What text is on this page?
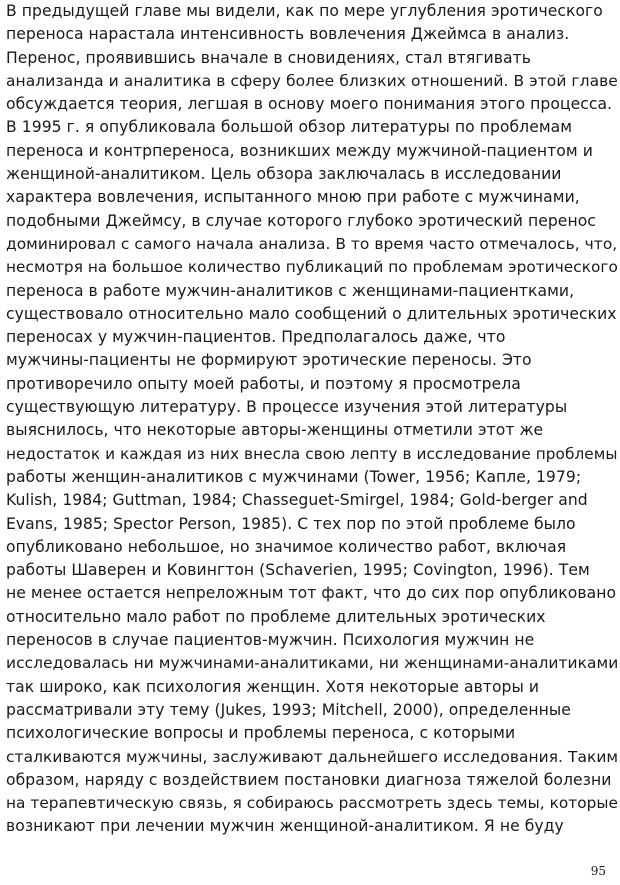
В предыдущей главе мы видели, как по мере углубления эротического
переноса нарастала интенсивность вовлечения Джеймса в анализ.
Перенос, проявившись вначале в сновидениях, стал втягивать
анализанда и аналитика в сферу более близких отношений. В этой главе
обсуждается теория, легшая в основу моего понимания этого процесса.
В 1995 г. я опубликовала большой обзор литературы по проблемам
переноса и контрпереноса, возникших между мужчиной-пациентом и
женщиной-аналитиком. Цель обзора заключалась в исследовании
характера вовлечения, испытанного мною при работе с мужчинами,
подобными Джеймсу, в случае которого глубоко эротический перенос
доминировал с самого начала анализа. В то время часто отмечалось, что,
несмотря на большое количество публикаций по проблемам эротического
переноса в работе мужчин-аналитиков с женщинами-пациентками,
существовало относительно мало сообщений о длительных эротических
переносах у мужчин-пациентов. Предполагалось даже, что
мужчины-пациенты не формируют эротические переносы. Это
противоречило опыту моей работы, и поэтому я просмотрела
существующую литературу. В процессе изучения этой литературы
выяснилось, что некоторые авторы-женщины отметили этот же
недостаток и каждая из них внесла свою лепту в исследование проблемы
работы женщин-аналитиков с мужчинами (Tower, 1956; Капле, 1979;
Kulish, 1984; Guttman, 1984; Chasseguet-Smirgel, 1984; Gold-berger and
Evans, 1985; Spector Person, 1985). С тех пор по этой проблеме было
опубликовано небольшое, но значимое количество работ, включая
работы Шаверен и Ковингтон (Schaverien, 1995; Covington, 1996). Тем
не менее остается непреложным тот факт, что до сих пор опубликовано
относительно мало работ по проблеме длительных эротических
переносов в случае пациентов-мужчин. Психология мужчин не
исследовалась ни мужчинами-аналитиками, ни женщинами-аналитиками
так широко, как психология женщин. Хотя некоторые авторы и
рассматривали эту тему (Jukes, 1993; Mitchell, 2000), определенные
психологические вопросы и проблемы переноса, с которыми
сталкиваются мужчины, заслуживают дальнейшего исследования. Таким
образом, наряду с воздействием постановки диагноза тяжелой болезни
на терапевтическую связь, я собираюсь рассмотреть здесь темы, которые
возникают при лечении мужчин женщиной-аналитиком. Я не буду
95
